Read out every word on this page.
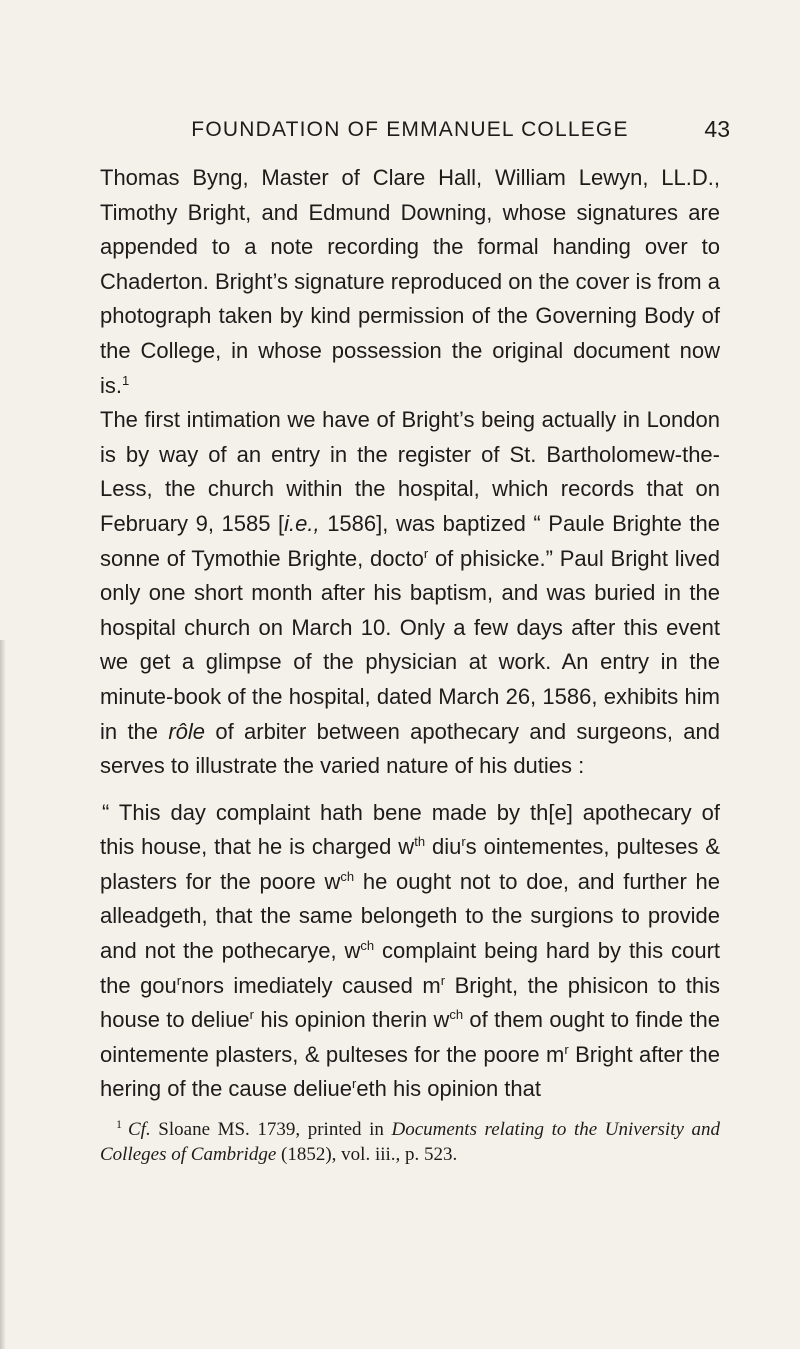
FOUNDATION OF EMMANUEL COLLEGE	43

Thomas Byng, Master of Clare Hall, William Lewyn, LL.D., Timothy Bright, and Edmund Downing, whose signatures are appended to a note recording the formal handing over to Chaderton. Bright’s signature reproduced on the cover is from a photograph taken by kind permission of the Governing Body of the College, in whose possession the original document now is.$^1$

The first intimation we have of Bright’s being actually in London is by way of an entry in the register of St. Bartholomew-the-Less, the church within the hospital, which records that on February 9, 1585 [i.e., 1586], was baptized “ Paule Brighte the sonne of Tymothie Brighte, docto$^r$ of phisicke.” Paul Bright lived only one short month after his baptism, and was buried in the hospital church on March 10. Only a few days after this event we get a glimpse of the physician at work. An entry in the minute-book of the hospital, dated March 26, 1586, exhibits him in the rôle of arbiter between apothecary and surgeons, and serves to illustrate the varied nature of his duties :

“ This day complaint hath bene made by th[e] apothecary of this house, that he is charged $w^{th}$ diu$^r$s ointementes, pulteses & plasters for the poore $w^{ch}$ he ought not to doe, and further he alleadgeth, that the same belongeth to the surgions to provide and not the pothecarye, $w^{ch}$ complaint being hard by this court the gou$^r$nors imediately caused $m^r$ Bright, the phisicon to this house to deliue$^r$ his opinion therin $w^{ch}$ of them ought to finde the ointemente plasters, & pulteses for the poore $m^r$ Bright after the hering of the cause deliue$^r$eth his opinion that

$^1$ Cf. Sloane MS. 1739, printed in Documents relating to the University and Colleges of Cambridge (1852), vol. iii., p. 523.
